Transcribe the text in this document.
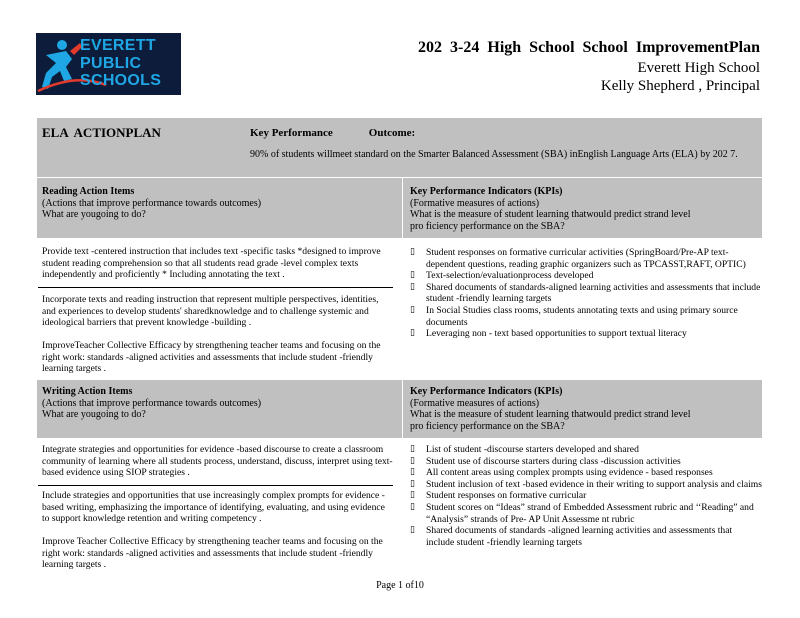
EVERETT
PUBLIC
SCHOOLS
202 3-24 High School School ImprovementPlan
Everett High School
Kelly Shepherd , Principal
ELA ACTIONPLAN	Key Performance	Outcome:
90% of students willmeet standard on the Smarter Balanced Assessment (SBA) inEnglish Language Arts (ELA) by 202 7.
Reading Action Items
(Actions that improve performance towards outcomes)
What are yougoing to do?
Key Performance Indicators (KPIs)
(Formative measures of actions)
What is the measure of student learning thatwould predict strand level
pro ficiency performance on the SBA?
Provide text -centered instruction that includes text -specific tasks *designed to improve student reading comprehension so that all students read grade -level complex texts independently and proficiently * Including annotating the text .
Incorporate texts and reading instruction that represent multiple perspectives, identities, and experiences to develop students' sharedknowledge and to challenge systemic and ideological barriers that prevent knowledge -building .
ImproveTeacher Collective Efficacy by strengthening teacher teams and focusing on the right work: standards -aligned activities and assessments that include student -friendly learning targets .
▯ Student responses on formative curricular activities (SpringBoard/Pre-AP text-dependent questions, reading graphic organizers such as TPCASST,RAFT, OPTIC)
▯ Text-selection/evaluationprocess developed
▯ Shared documents of standards-aligned learning activities and assessments that include student -friendly learning targets
▯ In Social Studies class rooms, students annotating texts and using primary source documents
▯ Leveraging non - text based opportunities to support textual literacy
Writing Action Items
(Actions that improve performance towards outcomes)
What are yougoing to do?
Key Performance Indicators (KPIs)
(Formative measures of actions)
What is the measure of student learning thatwould predict strand level
pro ficiency performance on the SBA?
Integrate strategies and opportunities for evidence -based discourse to create a classroom community of learning where all students process, understand, discuss, interpret using text-based evidence using SIOP strategies .
Include strategies and opportunities that use increasingly complex prompts for evidence -based writing, emphasizing the importance of identifying, evaluating, and using evidence to support knowledge retention and writing competency .
Improve Teacher Collective Efficacy by strengthening teacher teams and focusing on the right work: standards -aligned activities and assessments that include student -friendly learning targets .
▯ List of student -discourse starters developed and shared
▯ Student use of discourse starters during class -discussion activities
▯ All content areas using complex prompts using evidence - based responses
▯ Student inclusion of text -based evidence in their writing to support analysis and claims
▯ Student responses on formative curricular
▯ Student scores on “Ideas” strand of Embedded Assessment rubric and ‘‘Reading” and “Analysis” strands of Pre- AP Unit Assessme nt rubric
▯ Shared documents of standards -aligned learning activities and assessments that include student -friendly learning targets
Page 1 of10
